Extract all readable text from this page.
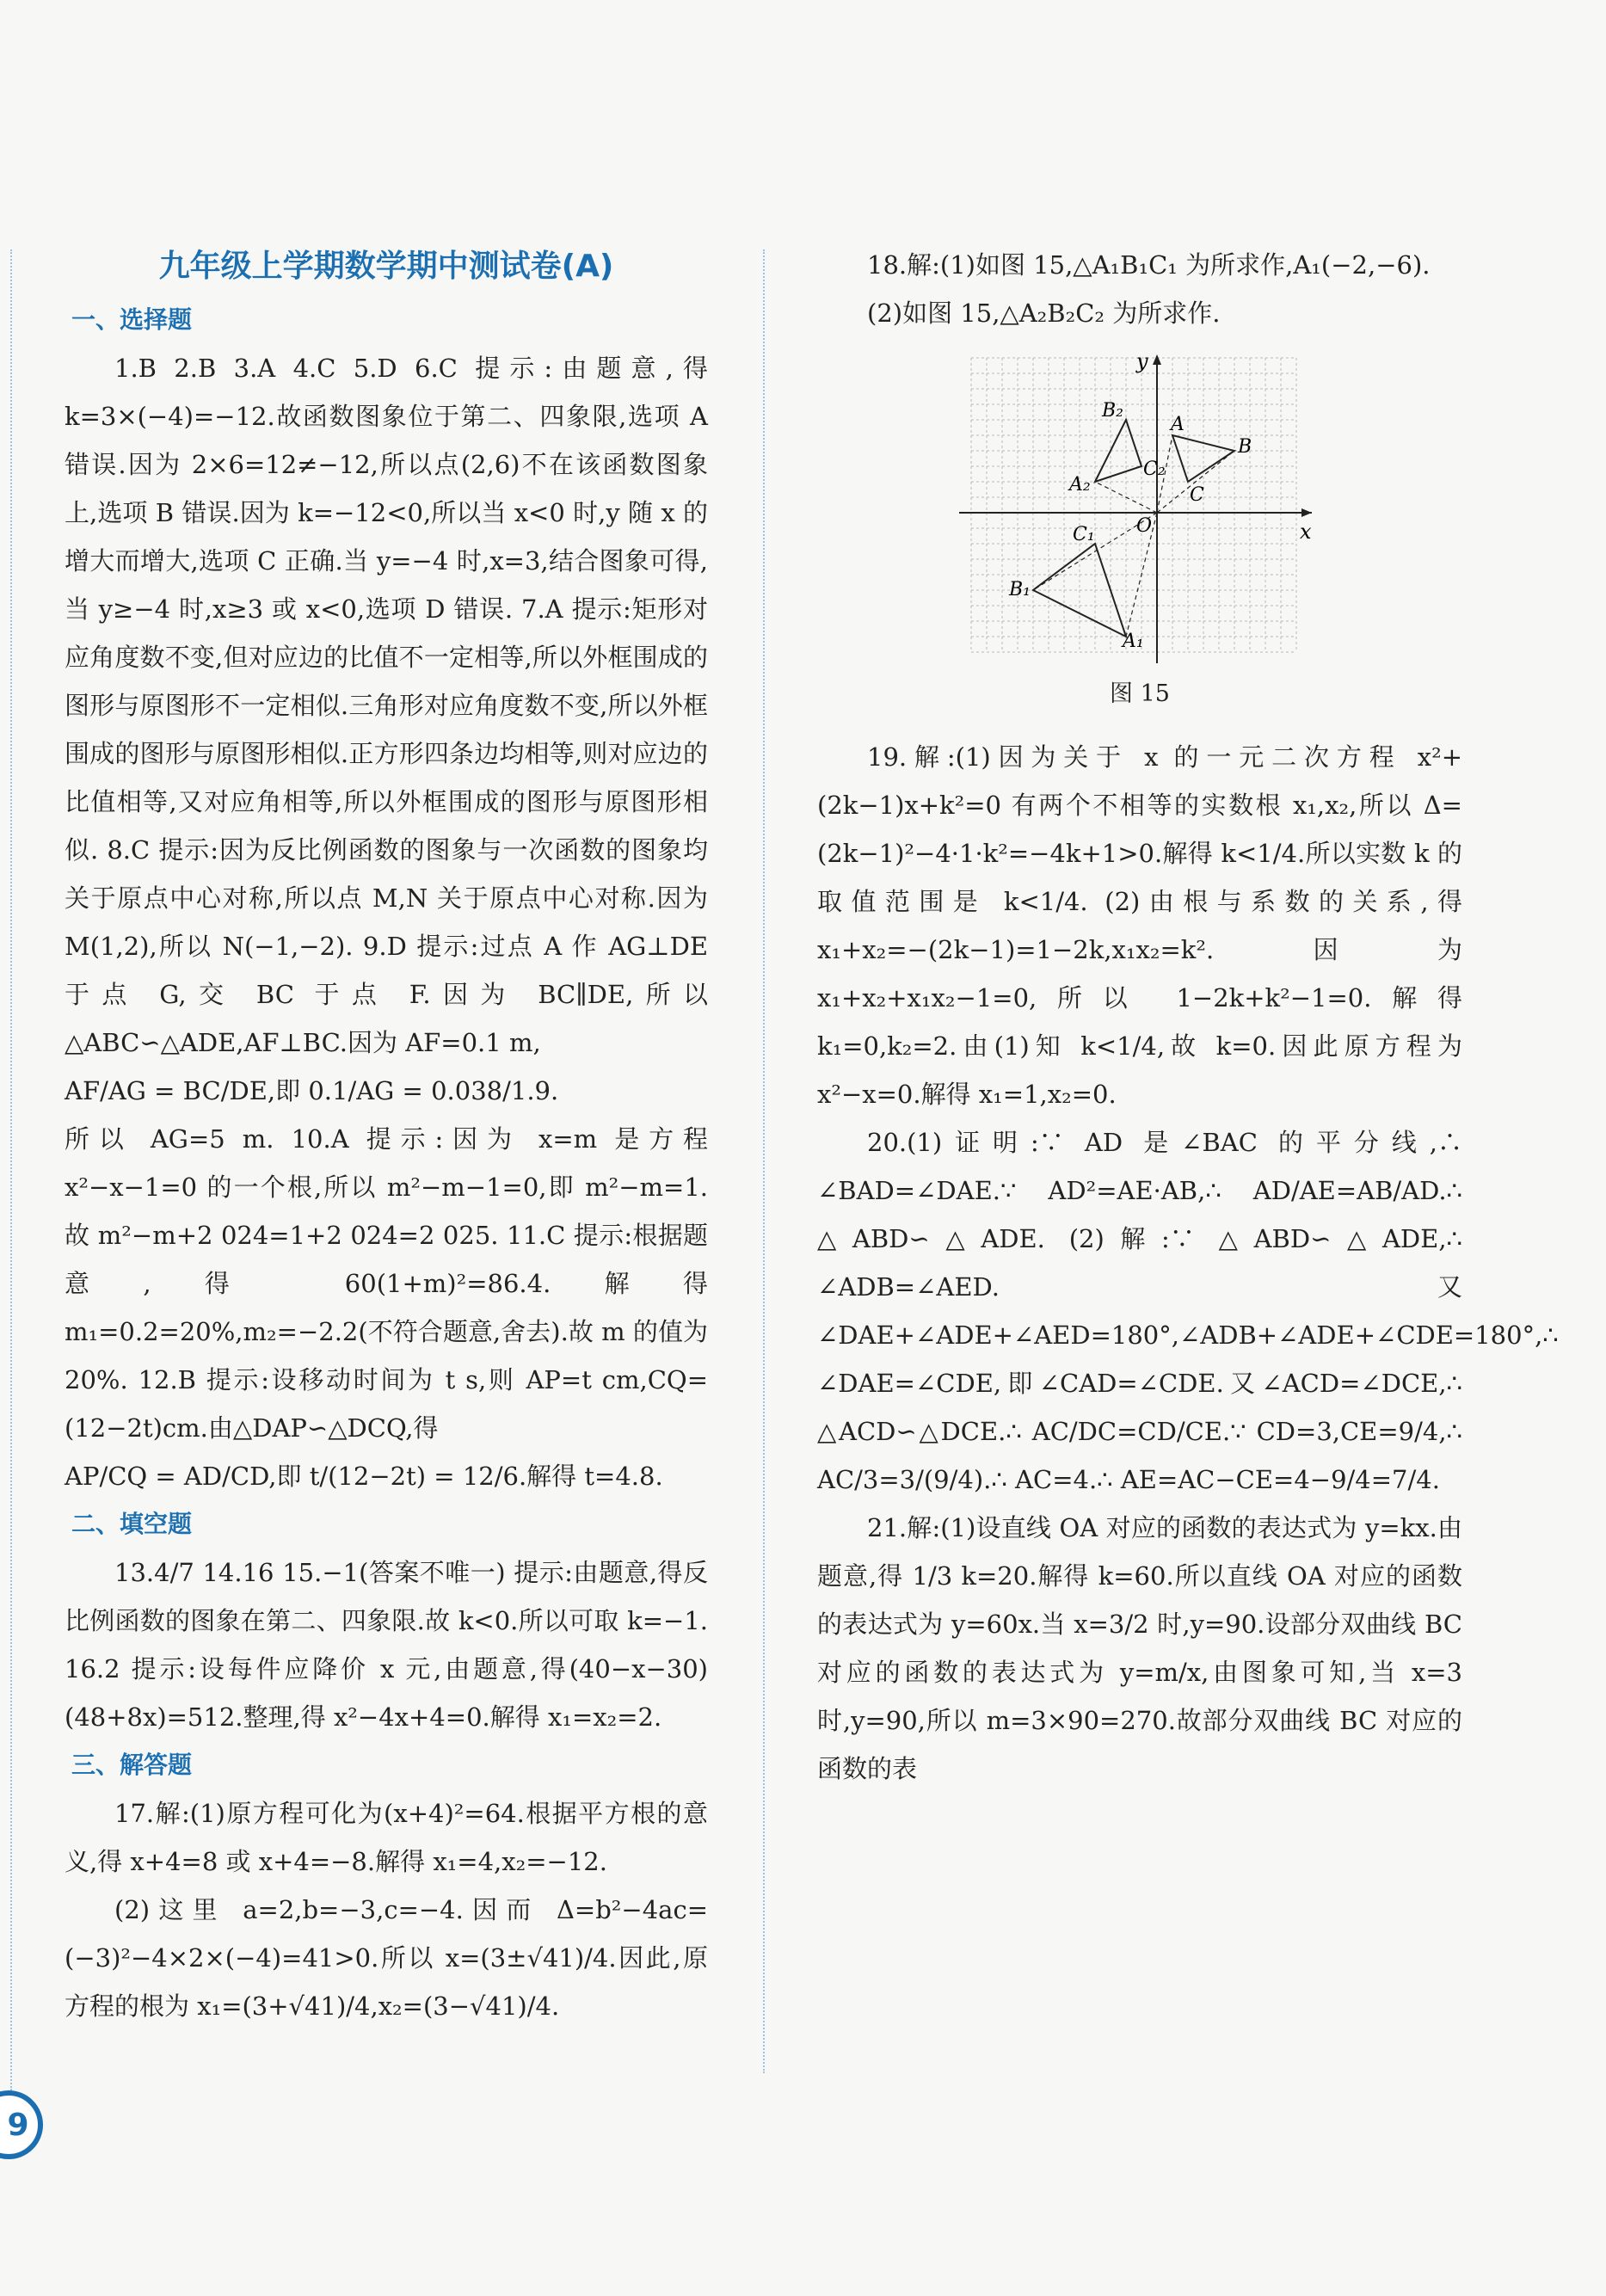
九年级上学期数学期中测试卷(A)
一、选择题

1.B 2.B 3.A 4.C 5.D 6.C 提示:由题意,得 k=3×(−4)=−12.故函数图象位于第二、四象限,选项 A 错误.因为 2×6=12≠−12,所以点(2,6)不在该函数图象上,选项 B 错误.因为 k=−12<0,所以当 x<0 时,y 随 x 的增大而增大,选项 C 正确.当 y=−4 时,x=3,结合图象可得,当 y≥−4 时,x≥3 或 x<0,选项 D 错误. 7.A 提示:矩形对应角度数不变,但对应边的比值不一定相等,所以外框围成的图形与原图形不一定相似.三角形对应角度数不变,所以外框围成的图形与原图形相似.正方形四条边均相等,则对应边的比值相等,又对应角相等,所以外框围成的图形与原图形相似. 8.C 提示:因为反比例函数的图象与一次函数的图象均关于原点中心对称,所以点 M,N 关于原点中心对称.因为 M(1,2),所以 N(−1,−2). 9.D 提示:过点 A 作 AG⊥DE 于点 G,交 BC 于点 F.因为 BC∥DE,所以△ABC∽△ADE,AF⊥BC.因为 AF=0.1 m,

AF/AG = BC/DE,即 0.1/AG = 0.038/1.9.

所以 AG=5 m. 10.A 提示:因为 x=m 是方程 x²−x−1=0 的一个根,所以 m²−m−1=0,即 m²−m=1.故 m²−m+2 024=1+2 024=2 025. 11.C 提示:根据题意,得 60(1+m)²=86.4.解得 m₁=0.2=20%,m₂=−2.2(不符合题意,舍去).故 m 的值为 20%. 12.B 提示:设移动时间为 t s,则 AP=t cm,CQ=(12−2t)cm.由△DAP∽△DCQ,得

AP/CQ = AD/CD,即 t/(12−2t) = 12/6.解得 t=4.8.

二、填空题

13.4/7 14.16 15.−1(答案不唯一) 提示:由题意,得反比例函数的图象在第二、四象限.故 k<0.所以可取 k=−1. 16.2 提示:设每件应降价 x 元,由题意,得(40−x−30)(48+8x)=512.整理,得 x²−4x+4=0.解得 x₁=x₂=2.

三、解答题

17.解:(1)原方程可化为(x+4)²=64.根据平方根的意义,得 x+4=8 或 x+4=−8.解得 x₁=4,x₂=−12.

(2)这里 a=2,b=−3,c=−4.因而 Δ=b²−4ac=(−3)²−4×2×(−4)=41>0.所以 x=(3±√41)/4.因此,原方程的根为 x₁=(3+√41)/4,x₂=(3−√41)/4.

18.解:(1)如图 15,△A₁B₁C₁ 为所求作,A₁(−2,−6).

(2)如图 15,△A₂B₂C₂ 为所求作.

x
y
O
A
B
C
A₁
B₁
C₁
A₂
B₂
C₂
图 15

19.解:(1)因为关于 x 的一元二次方程 x²+(2k−1)x+k²=0 有两个不相等的实数根 x₁,x₂,所以 Δ=(2k−1)²−4·1·k²=−4k+1>0.解得 k<1/4.所以实数 k 的取值范围是 k<1/4. (2)由根与系数的关系,得 x₁+x₂=−(2k−1)=1−2k,x₁x₂=k².因为 x₁+x₂+x₁x₂−1=0,所以 1−2k+k²−1=0.解得 k₁=0,k₂=2.由(1)知 k<1/4,故 k=0.因此原方程为 x²−x=0.解得 x₁=1,x₂=0.

20.(1)证明:∵ AD 是∠BAC 的平分线,∴ ∠BAD=∠DAE.∵ AD²=AE·AB,∴ AD/AE=AB/AD.∴ △ABD∽△ADE. (2)解:∵ △ABD∽△ADE,∴ ∠ADB=∠AED.又∠DAE+∠ADE+∠AED=180°,∠ADB+∠ADE+∠CDE=180°,∴ ∠DAE=∠CDE,即∠CAD=∠CDE.又∠ACD=∠DCE,∴ △ACD∽△DCE.∴ AC/DC=CD/CE.∵ CD=3,CE=9/4,∴ AC/3=3/(9/4).∴ AC=4.∴ AE=AC−CE=4−9/4=7/4.

21.解:(1)设直线 OA 对应的函数的表达式为 y=kx.由题意,得 1/3 k=20.解得 k=60.所以直线 OA 对应的函数的表达式为 y=60x.当 x=3/2 时,y=90.设部分双曲线 BC 对应的函数的表达式为 y=m/x,由图象可知,当 x=3 时,y=90,所以 m=3×90=270.故部分双曲线 BC 对应的函数的表

9
